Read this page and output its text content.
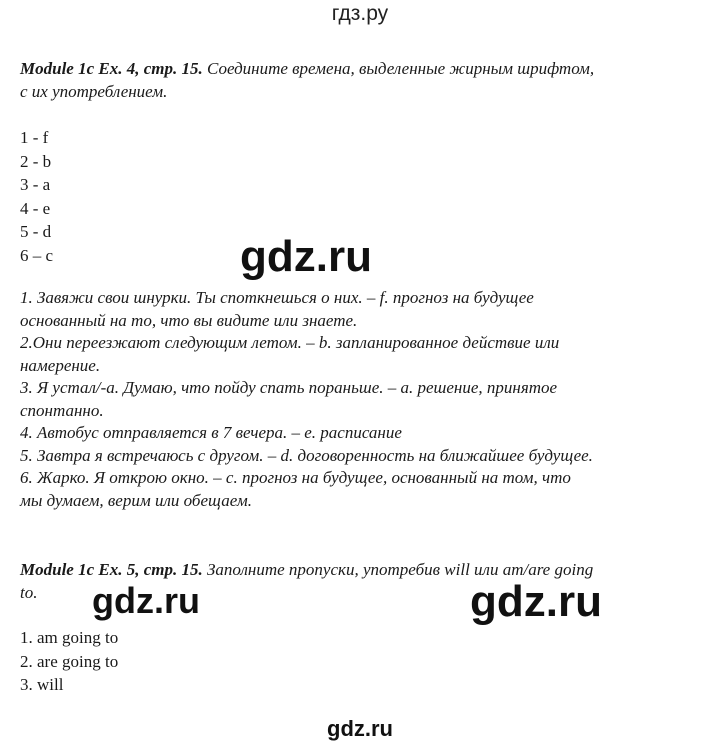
гдз.ру
Module 1c Ex. 4, стр. 15. Соедините времена, выделенные жирным шрифтом,
с их употреблением.
1 - f
2 - b
3 - a
4 - e
5 - d
6 – c	gdz.ru
1. Завяжи свои шнурки. Ты споткнешься о них. – f. прогноз на будущее
основанный на то, что вы видите или знаете.
2.Они переезжают следующим летом. – b. запланированное действие или
намерение.
3. Я устал/-а. Думаю, что пойду спать пораньше. – а. решение, принятое
спонтанно.
4. Автобус отправляется в 7 вечера. – е. расписание
5. Завтра я встречаюсь с другом. – d. договоренность на ближайшее будущее.
6. Жарко. Я открою окно. – с. прогноз на будущее, основанный на том, что
мы думаем, верим или обещаем.
Module 1c Ex. 5, стр. 15. Заполните пропуски, употребив will или am/are going
to.	gdz.ru	gdz.ru
1. am going to
2. are going to
3. will
gdz.ru
